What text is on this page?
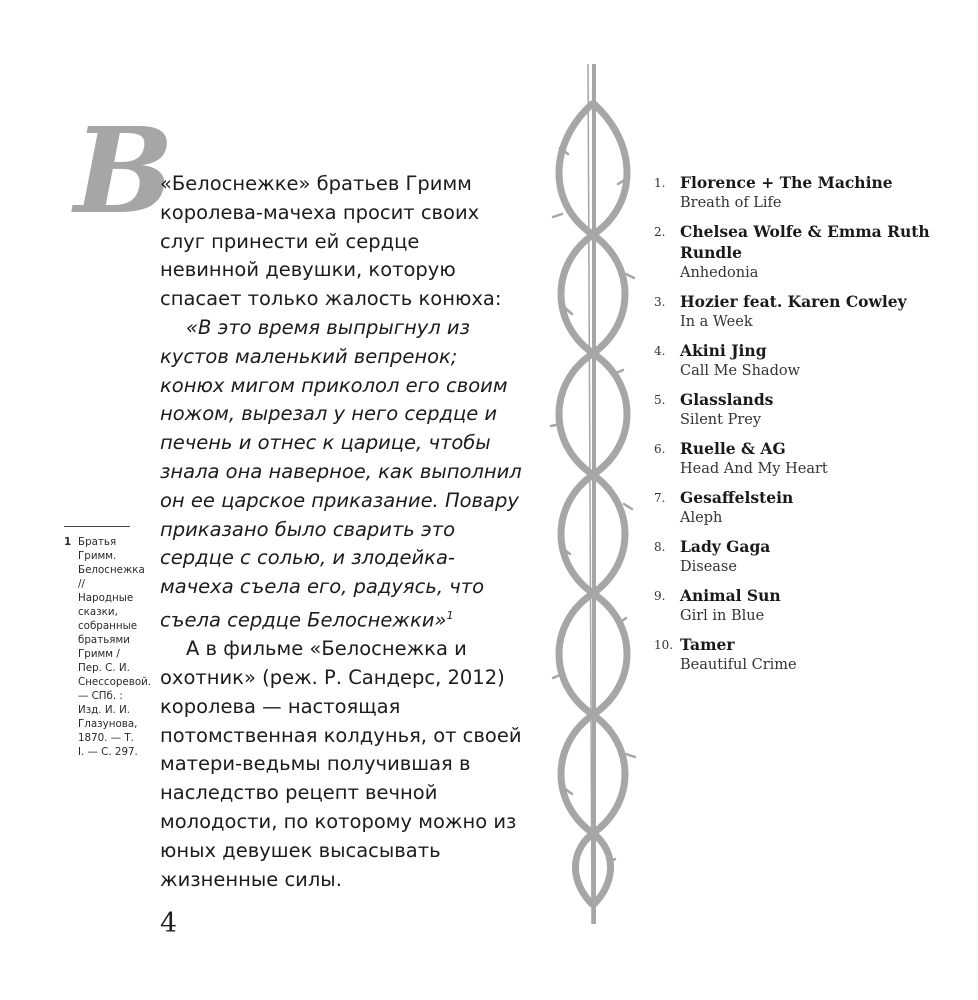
В

«Белоснежке» братьев Гримм королева-мачеха просит своих слуг принести ей сердце невинной девушки, которую спасает только жалость конюха:

«В это время выпрыгнул из кустов маленький вепренок; конюх мигом приколол его своим ножом, вырезал у него сердце и печень и отнес к царице, чтобы знала она наверное, как выполнил он ее царское приказание. Повару приказано было сварить это сердце с солью, и злодейка-мачеха съела его, радуясь, что съела сердце Белоснежки»$^1$

А в фильме «Белоснежка и охотник» (реж. Р. Сандерс, 2012) королева — настоящая потомственная колдунья, от своей матери-ведьмы получившая в наследство рецепт вечной молодости, по которому можно из юных девушек высасывать жизненные силы.

1 Братья Гримм. Белоснежка // Народные сказки, собранные братьями Гримм / Пер. С. И. Снессоревой. — СПб. : Изд. И. И. Глазунова, 1870. — Т. I. — С. 297.
4
1. Florence + The Machine
Breath of Life
2. Chelsea Wolfe & Emma Ruth Rundle
Anhedonia
3. Hozier feat. Karen Cowley
In a Week
4. Akini Jing
Call Me Shadow
5. Glasslands
Silent Prey
6. Ruelle & AG
Head And My Heart
7. Gesaffelstein
Aleph
8. Lady Gaga
Disease
9. Animal Sun
Girl in Blue
10. Tamer
Beautiful Crime
